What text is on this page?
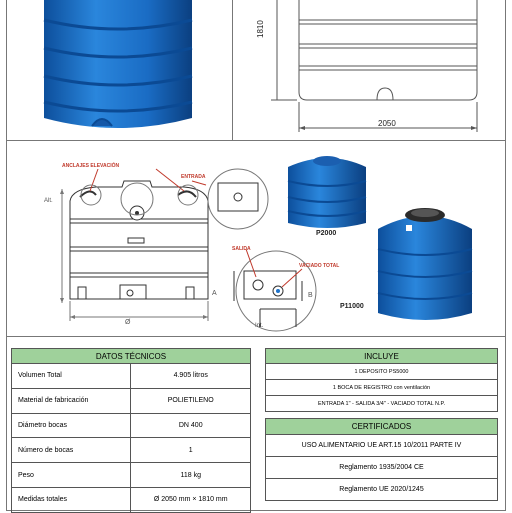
1810
2050
ANCLAJES ELEVACIÓN
ENTRADA
Alt.
Ø
SALIDA
VACIADO TOTAL
A	B
Int.
P2000
P11000
DATOS TÉCNICOS	
Volumen Total	4.905 litros
Material de fabricación	POLIETILENO
Diámetro bocas	DN 400
Número de bocas	1
Peso	118 kg
Medidas totales	Ø 2050 mm × 1810 mm
INCLUYE
1 DEPOSITO PS5000
1 BOCA DE REGISTRO con ventilación
ENTRADA 1" - SALIDA 3/4" - VACIADO TOTAL N.P.
CERTIFICADOS
USO ALIMENTARIO UE ART.15 10/2011 PARTE IV
Reglamento 1935/2004 CE
Reglamento UE 2020/1245
